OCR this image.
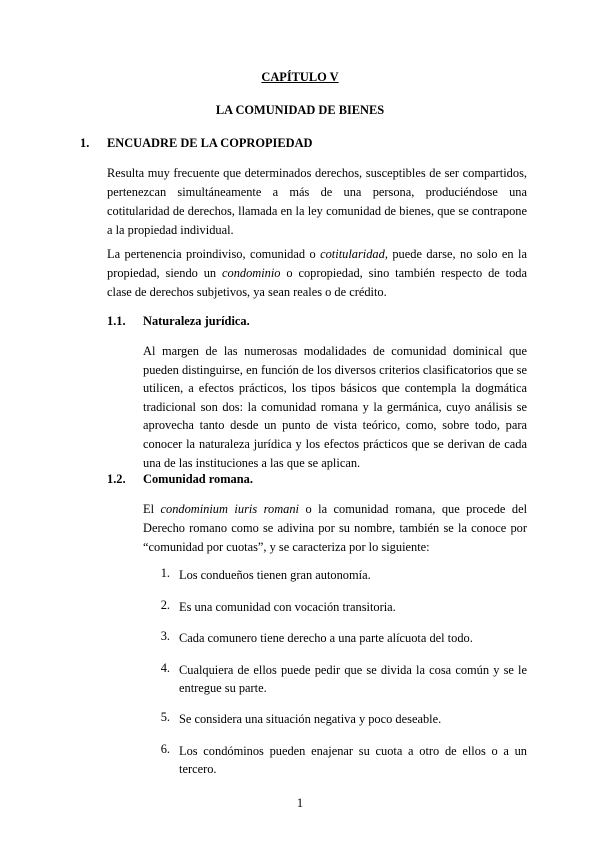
CAPÍTULO V
LA COMUNIDAD DE BIENES
1. ENCUADRE DE LA COPROPIEDAD

Resulta muy frecuente que determinados derechos, susceptibles de ser compartidos, pertenezcan simultáneamente a más de una persona, produciéndose una cotitularidad de derechos, llamada en la ley comunidad de bienes, que se contrapone a la propiedad individual.

La pertenencia proindiviso, comunidad o cotitularidad, puede darse, no solo en la propiedad, siendo un condominio o copropiedad, sino también respecto de toda clase de derechos subjetivos, ya sean reales o de crédito.

1.1. Naturaleza jurídica.

Al margen de las numerosas modalidades de comunidad dominical que pueden distinguirse, en función de los diversos criterios clasificatorios que se utilicen, a efectos prácticos, los tipos básicos que contempla la dogmática tradicional son dos: la comunidad romana y la germánica, cuyo análisis se aprovecha tanto desde un punto de vista teórico, como, sobre todo, para conocer la naturaleza jurídica y los efectos prácticos que se derivan de cada una de las instituciones a las que se aplican.

1.2. Comunidad romana.

El condominium iuris romani o la comunidad romana, que procede del Derecho romano como se adivina por su nombre, también se la conoce por “comunidad por cuotas”, y se caracteriza por lo siguiente:

1. Los condueños tienen gran autonomía.
2. Es una comunidad con vocación transitoria.
3. Cada comunero tiene derecho a una parte alícuota del todo.
4. Cualquiera de ellos puede pedir que se divida la cosa común y se le entregue su parte.
5. Se considera una situación negativa y poco deseable.
6. Los condóminos pueden enajenar su cuota a otro de ellos o a un tercero.
1
